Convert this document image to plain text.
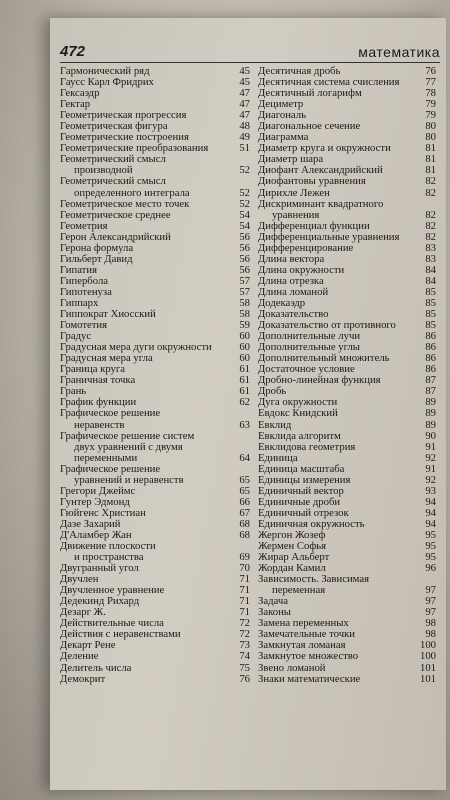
472	математика
Гармонический ряд	45
Гаусс Карл Фридрих	45
Гексаэдр	47
Гектар	47
Геометрическая прогрессия	47
Геометрическая фигура	48
Геометрические построения	49
Геометрические преобразования	51
Геометрический смысл
производной	52
Геометрический смысл
определенного интеграла	52
Геометрическое место точек	52
Геометрическое среднее	54
Геометрия	54
Герон Александрийский	56
Герона формула	56
Гильберт Давид	56
Гипатия	56
Гипербола	57
Гипотенуза	57
Гиппарх	58
Гиппократ Хиосский	58
Гомотетия	59
Градус	60
Градусная мера дуги окружности	60
Градусная мера угла	60
Граница круга	61
Граничная точка	61
Грань	61
График функции	62
Графическое решение
неравенств	63
Графическое решение систем
двух уравнений с двумя
переменными	64
Графическое решение
уравнений и неравенств	65
Грегори Джеймс	65
Гунтер Эдмонд	66
Гюйгенс Христиан	67
Дазе Захарий	68
Д'Аламбер Жан	68
Движение плоскости
и пространства	69
Двугранный угол	70
Двучлен	71
Двучленное уравнение	71
Дедекинд Рихард	71
Дезарг Ж.	71
Действительные числа	72
Действия с неравенствами	72
Декарт Рене	73
Деление	74
Делитель числа	75
Демокрит	76
Десятичная дробь	76
Десятичная система счисления	77
Десятичный логарифм	78
Дециметр	79
Диагональ	79
Диагональное сечение	80
Диаграмма	80
Диаметр круга и окружности	81
Диаметр шара	81
Диофант Александрийский	81
Диофантовы уравнения	82
Дирихле Лежен	82
Дискриминант квадратного
уравнения	82
Дифференциал функции	82
Дифференциальные уравнения	82
Дифференцирование	83
Длина вектора	83
Длина окружности	84
Длина отрезка	84
Длина ломаной	85
Додекаэдр	85
Доказательство	85
Доказательство от противного	85
Дополнительные лучи	86
Дополнительные углы	86
Дополнительный множитель	86
Достаточное условие	86
Дробно-линейная функция	87
Дробь	87
Дуга окружности	89
Евдокс Книдский	89
Евклид	89
Евклида алгоритм	90
Евклидова геометрия	91
Единица	92
Единица масштаба	91
Единицы измерения	92
Единичный вектор	93
Единичные дроби	94
Единичный отрезок	94
Единичная окружность	94
Жергон Жозеф	95
Жермен Софья	95
Жирар Альберт	95
Жордан Камил	96
Зависимость. Зависимая
переменная	97
Задача	97
Законы	97
Замена переменных	98
Замечательные точки	98
Замкнутая ломаная	100
Замкнутое множество	100
Звено ломаной	101
Знаки математические	101
